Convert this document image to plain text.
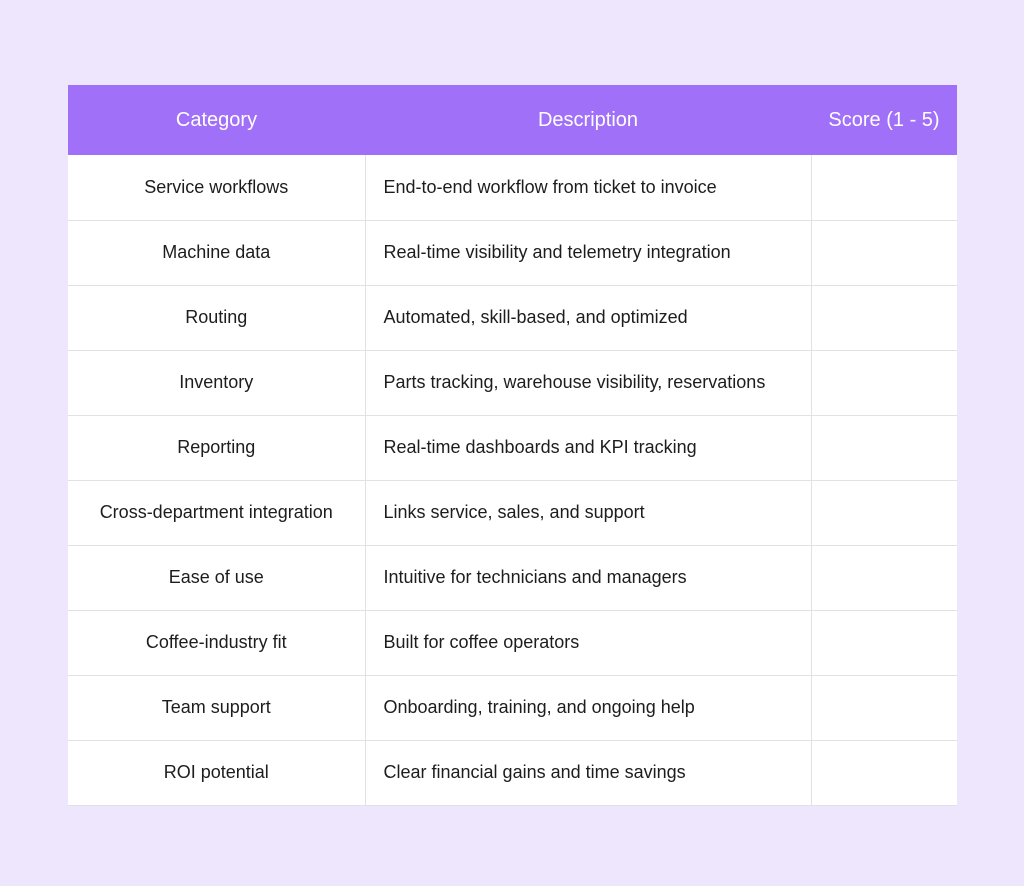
Category	Description	Score (1 - 5)
Service workflows	End-to-end workflow from ticket to invoice	
Machine data	Real-time visibility and telemetry integration	
Routing	Automated, skill-based, and optimized	
Inventory	Parts tracking, warehouse visibility, reservations	
Reporting	Real-time dashboards and KPI tracking	
Cross-department integration	Links service, sales, and support	
Ease of use	Intuitive for technicians and managers	
Coffee-industry fit	Built for coffee operators	
Team support	Onboarding, training, and ongoing help	
ROI potential	Clear financial gains and time savings	
